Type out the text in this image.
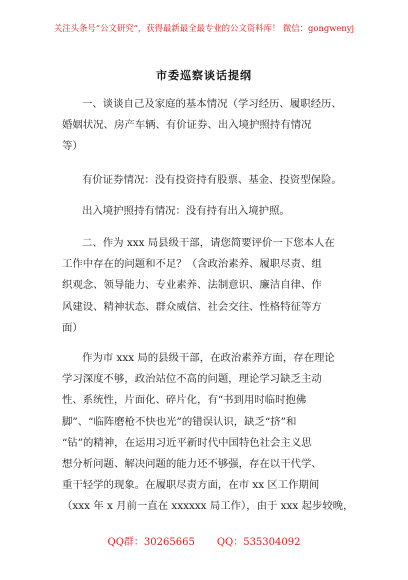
关注头条号“公文研究”，获得最新最全最专业的公文资料库！ 微信：gongwenyj
市委巡察谈话提纲
一、谈谈自己及家庭的基本情况（学习经历、履职经历、
婚姻状况、房产车辆、有价证券、出入境护照持有情况
等）
有价证券情况：没有投资持有股票、基金、投资型保险。
出入境护照持有情况：没有持有出入境护照。
二、作为 xxx 局县级干部，请您简要评价一下您本人在
工作中存在的问题和不足？（含政治素养、履职尽责、组
织观念、领导能力、专业素养、法制意识、廉洁自律、作
风建设、精神状态、群众威信、社会交往、性格特征等方
面）
作为市 xxx 局的县级干部，在政治素养方面，存在理论
学习深度不够，政治站位不高的问题，理论学习缺乏主动
性、系统性，片面化、碎片化，有“书到用时临时抱佛
脚”、“临阵磨枪不快也光”的错误认识，缺乏“挤”和
“钻”的精神，在运用习近平新时代中国特色社会主义思
想分析问题、解决问题的能力还不够强，存在以干代学、
重干轻学的现象。在履职尽责方面，在市 xx 区工作期间
（xxx 年 x 月前一直在 xxxxxx 局工作），由于 xxx 起步较晚，
QQ群：30265665 QQ：535304092
